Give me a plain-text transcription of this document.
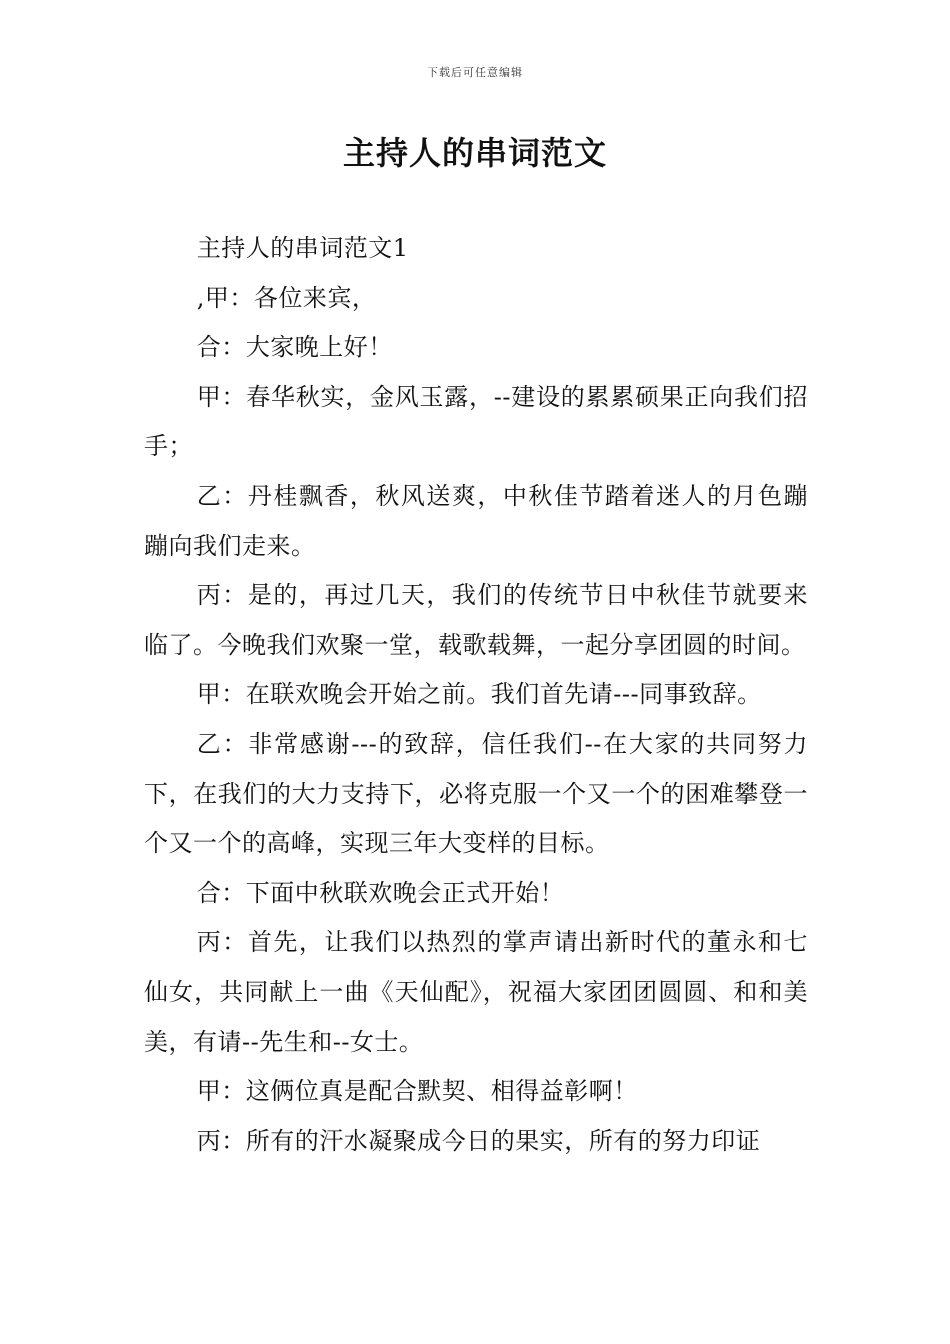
下载后可任意编辑
主持人的串词范文

主持人的串词范文1

,甲：各位来宾，

合：大家晚上好！

甲：春华秋实，金风玉露，--建设的累累硕果正向我们招手；

乙：丹桂飘香，秋风送爽，中秋佳节踏着迷人的月色蹦蹦向我们走来。

丙：是的，再过几天，我们的传统节日中秋佳节就要来临了。今晚我们欢聚一堂，载歌载舞，一起分享团圆的时间。

甲：在联欢晚会开始之前。我们首先请---同事致辞。

乙：非常感谢---的致辞，信任我们--在大家的共同努力下，在我们的大力支持下，必将克服一个又一个的困难攀登一个又一个的高峰，实现三年大变样的目标。

合：下面中秋联欢晚会正式开始！

丙：首先，让我们以热烈的掌声请出新时代的董永和七仙女，共同献上一曲《天仙配》，祝福大家团团圆圆、和和美美，有请--先生和--女士。

甲：这俩位真是配合默契、相得益彰啊！

丙：所有的汗水凝聚成今日的果实，所有的努力印证
